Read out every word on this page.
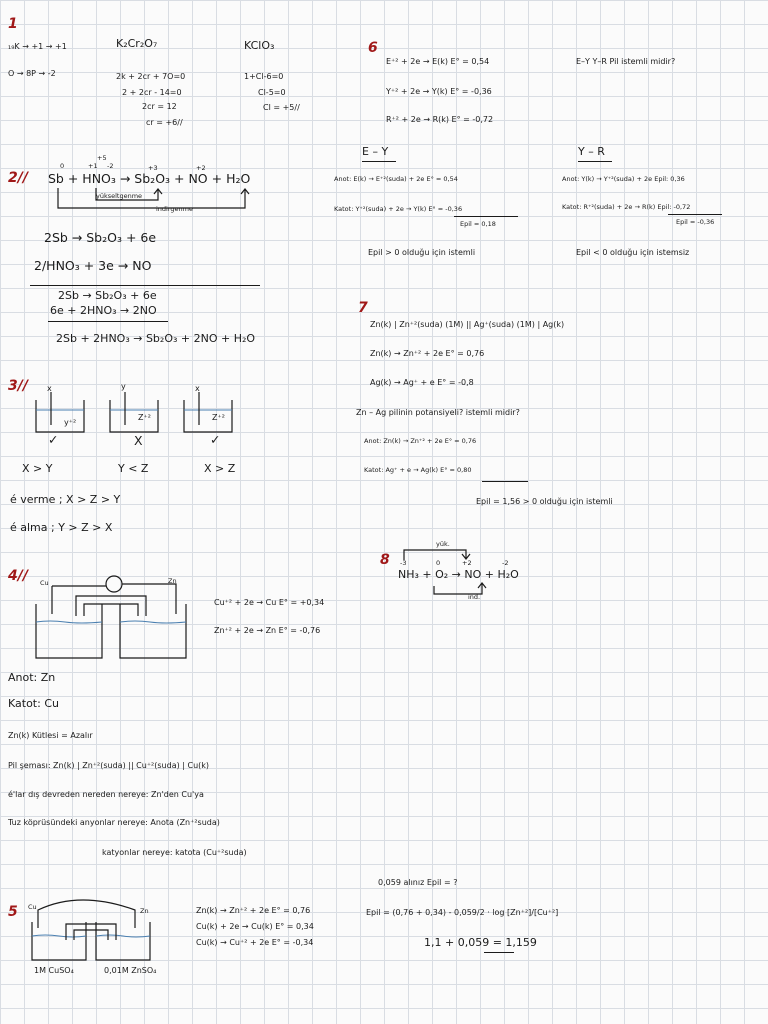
1
₁₉K → +1 → +1
O → 8P → -2
K₂Cr₂O₇
2k + 2cr + 7O=0
2 + 2cr - 14=0
2cr = 12
cr = +6//
KClO₃
1+Cl-6=0
Cl-5=0
Cl = +5//
2//
0	+1
+5
-2	+3	+2
Sb + HNO₃ → Sb₂O₃ + NO + H₂O
yükseltgenme
indirgenme
2Sb → Sb₂O₃ + 6e
2/HNO₃ + 3e → NO
2Sb → Sb₂O₃ + 6e
6e + 2HNO₃ → 2NO
2Sb + 2HNO₃ → Sb₂O₃ + 2NO + H₂O
3// x	y	x
y⁺²
Z⁺²	Z⁺²
✓	X	✓
X > Y	Y < Z	X > Z
é verme ; X > Z > Y
é alma ; Y > Z > X
4// Cu	Zn
Cu⁺² + 2e → Cu E° = +0,34
Zn⁺² + 2e → Zn E° = -0,76
Anot: Zn
Katot: Cu
Zn(k) Kütlesi = Azalır
Pil şeması: Zn(k) | Zn⁺²(suda) || Cu⁺²(suda) | Cu(k)
é'lar dış devreden nereden nereye: Zn'den Cu'ya
Tuz köprüsündeki anyonlar nereye: Anota (Zn⁺²suda)
katyonlar nereye: katota (Cu⁺²suda)
5 Cu	Zn
1M CuSO₄	0,01M ZnSO₄
Zn(k) → Zn⁺² + 2e E° = 0,76
Cu(k) + 2e → Cu(k) E° = 0,34
Cu(k) → Cu⁺² + 2e E° = -0,34
0,059 alınız Epil = ?
Epil = (0,76 + 0,34) - 0,059/2 · log [Zn⁺²]/[Cu⁺²]
1,1 + 0,059 = 1,159
6
E⁺² + 2e → E(k) E° = 0,54
Y⁺² + 2e → Y(k) E° = -0,36
R⁺² + 2e → R(k) E° = -0,72
E–Y Y–R Pil istemli midir?
E – Y	Y – R
Anot: E(k) → E⁺²(suda) + 2e E° = 0,54
Katot: Y⁺²(suda) + 2e → Y(k) E° = -0,36
Epil = 0,18
Epil > 0 olduğu için istemli
Anot: Y(k) → Y⁺²(suda) + 2e Epil: 0,36
Katot: R⁺²(suda) + 2e → R(k) Epil: -0,72
Epil = -0,36
Epil < 0 olduğu için istemsiz
7
Zn(k) | Zn⁺²(suda) (1M) || Ag⁺(suda) (1M) | Ag(k)
Zn(k) → Zn⁺² + 2e E° = 0,76
Ag(k) → Ag⁺ + e E° = -0,8
Zn – Ag pilinin potansiyeli? istemli midir?
Anot: Zn(k) → Zn⁺² + 2e E° = 0,76
Katot: Ag⁺ + e → Ag(k) E° = 0,80
Epil = 1,56 > 0 olduğu için istemli
8
yük.
ind.
-3	0	+2	-2
NH₃ + O₂ → NO + H₂O
